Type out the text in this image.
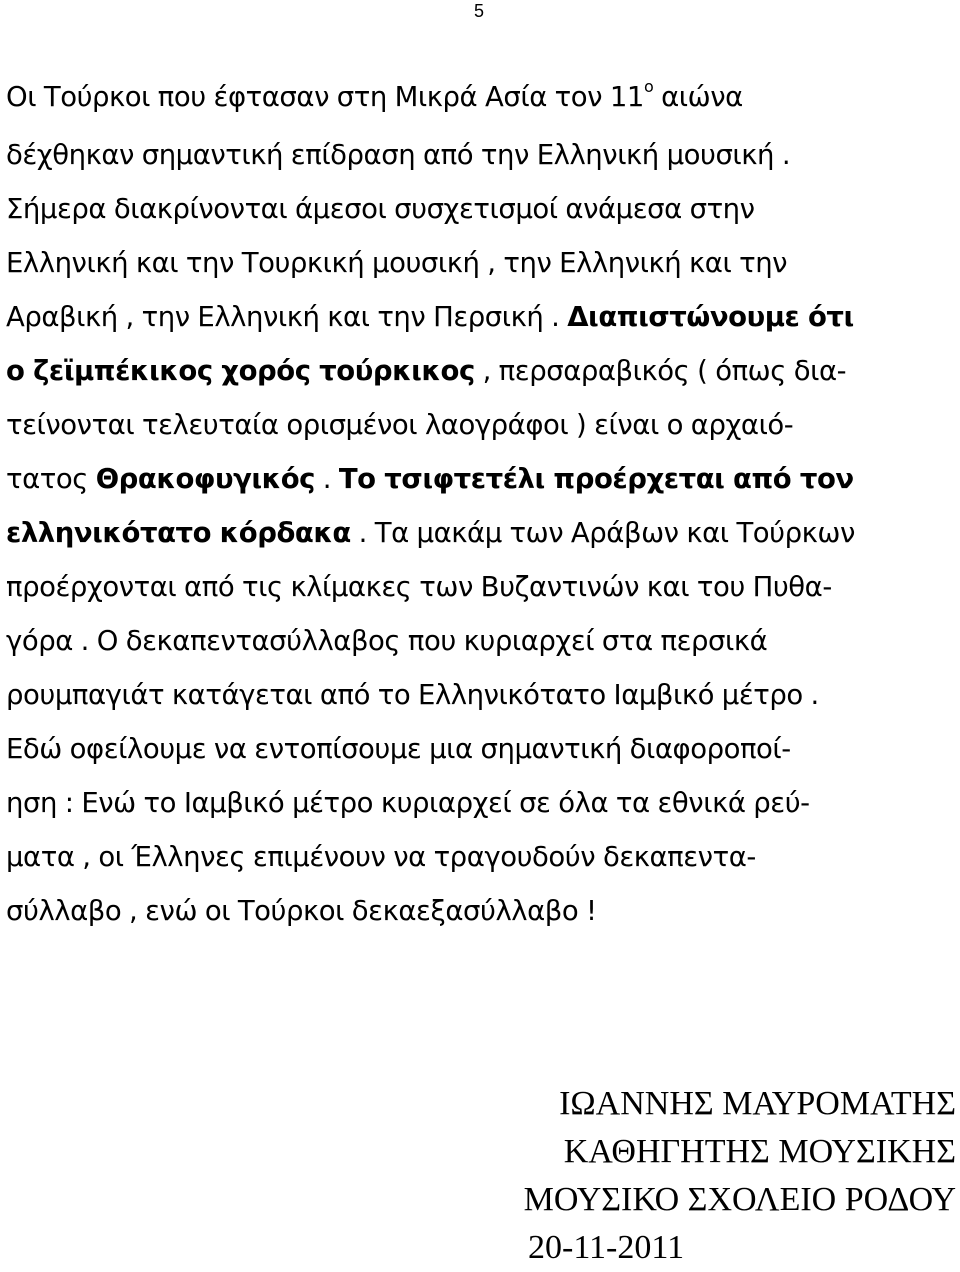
5
Οι Τούρκοι που έφτασαν στη Μικρά Ασία τον $11^o$ αιώνα
δέχθηκαν σημαντική επίδραση από την Ελληνική μουσική .
Σήμερα διακρίνονται άμεσοι συσχετισμοί ανάμεσα στην
Ελληνική και την Τουρκική μουσική , την Ελληνική και την
Αραβική , την Ελληνική και την Περσική . Διαπιστώνουμε ότι
ο ζεϊμπέκικος χορός τούρκικος , περσαραβικός ( όπως δια-
τείνονται τελευταία ορισμένοι λαογράφοι ) είναι ο αρχαιό-
τατος Θρακοφυγικός . Το τσιφτετέλι προέρχεται από τον
ελληνικότατο κόρδακα . Τα μακάμ των Αράβων και Τούρκων
προέρχονται από τις κλίμακες των Βυζαντινών και του Πυθα-
γόρα . Ο δεκαπεντασύλλαβος που κυριαρχεί στα περσικά
ρουμπαγιάτ κατάγεται από το Ελληνικότατο Ιαμβικό μέτρο .
Εδώ οφείλουμε να εντοπίσουμε μια σημαντική διαφοροποί-
ηση : Ενώ το Ιαμβικό μέτρο κυριαρχεί σε όλα τα εθνικά ρεύ-
ματα , οι Έλληνες επιμένουν να τραγουδούν δεκαπεντα-
σύλλαβο , ενώ οι Τούρκοι δεκαεξασύλλαβο !
ΙΩΑΝΝΗΣ ΜΑΥΡΟΜΑΤΗΣ
ΚΑΘΗΓΗΤΗΣ ΜΟΥΣΙΚΗΣ
ΜΟΥΣΙΚΟ ΣΧΟΛΕΙΟ ΡΟΔΟΥ
20-11-2011
